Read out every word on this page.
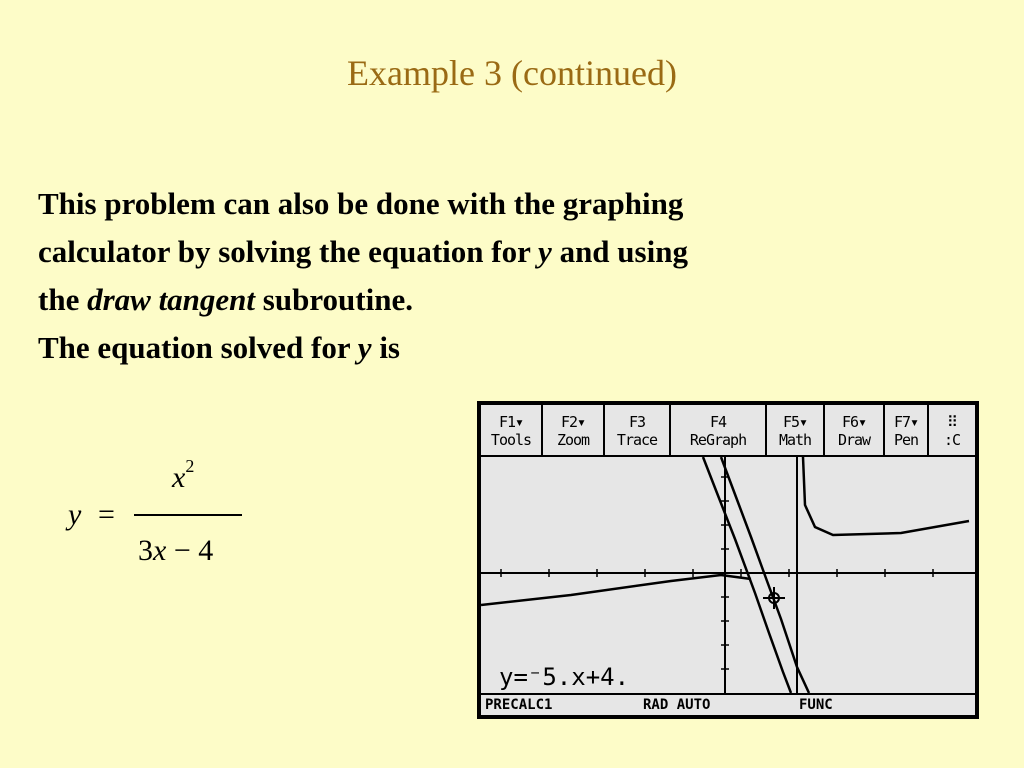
Example 3 (continued)
This problem can also be done with the graphing
calculator by solving the equation for y and using
the draw tangent subroutine.
The equation solved for y is
y =
$x^2$
3x − 4
F1▾
Tools
F2▾
Zoom
F3
Trace
F4
ReGraph
F5▾
Math
F6▾
Draw
F7▾
Pen
⠿
:C
y=⁻5.x+4.
PRECALC1	RAD AUTO	FUNC
